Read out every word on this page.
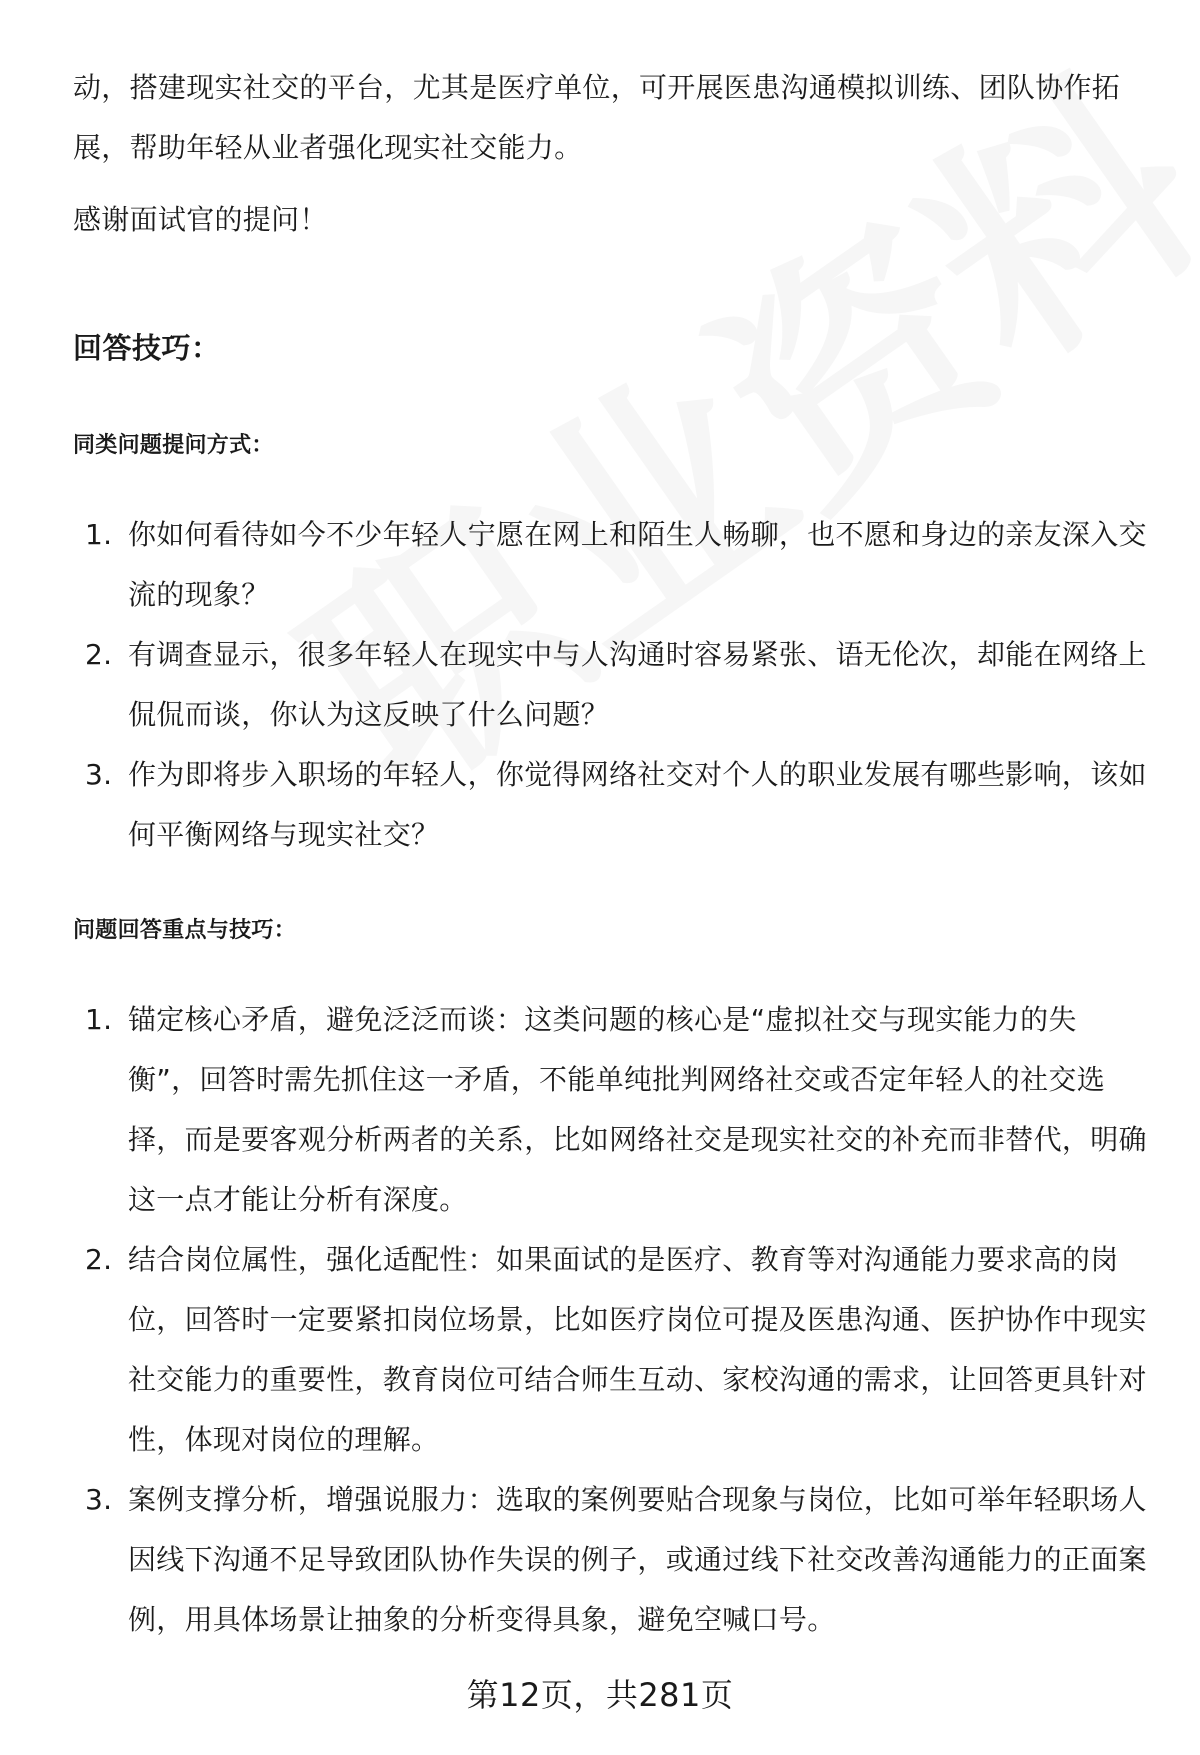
动，搭建现实社交的平台，尤其是医疗单位，可开展医患沟通模拟训练、团队协作拓展，帮助年轻从业者强化现实社交能力。

感谢面试官的提问！

回答技巧：
同类问题提问方式：
1. 你如何看待如今不少年轻人宁愿在网上和陌生人畅聊，也不愿和身边的亲友深入交流的现象？
2. 有调查显示，很多年轻人在现实中与人沟通时容易紧张、语无伦次，却能在网络上侃侃而谈，你认为这反映了什么问题？
3. 作为即将步入职场的年轻人，你觉得网络社交对个人的职业发展有哪些影响，该如何平衡网络与现实社交？
问题回答重点与技巧：
1. 锚定核心矛盾，避免泛泛而谈：这类问题的核心是“虚拟社交与现实能力的失衡”，回答时需先抓住这一矛盾，不能单纯批判网络社交或否定年轻人的社交选择，而是要客观分析两者的关系，比如网络社交是现实社交的补充而非替代，明确这一点才能让分析有深度。
2. 结合岗位属性，强化适配性：如果面试的是医疗、教育等对沟通能力要求高的岗位，回答时一定要紧扣岗位场景，比如医疗岗位可提及医患沟通、医护协作中现实社交能力的重要性，教育岗位可结合师生互动、家校沟通的需求，让回答更具针对性，体现对岗位的理解。
3. 案例支撑分析，增强说服力：选取的案例要贴合现象与岗位，比如可举年轻职场人因线下沟通不足导致团队协作失误的例子，或通过线下社交改善沟通能力的正面案例，用具体场景让抽象的分析变得具象，避免空喊口号。
第12页，共281页
